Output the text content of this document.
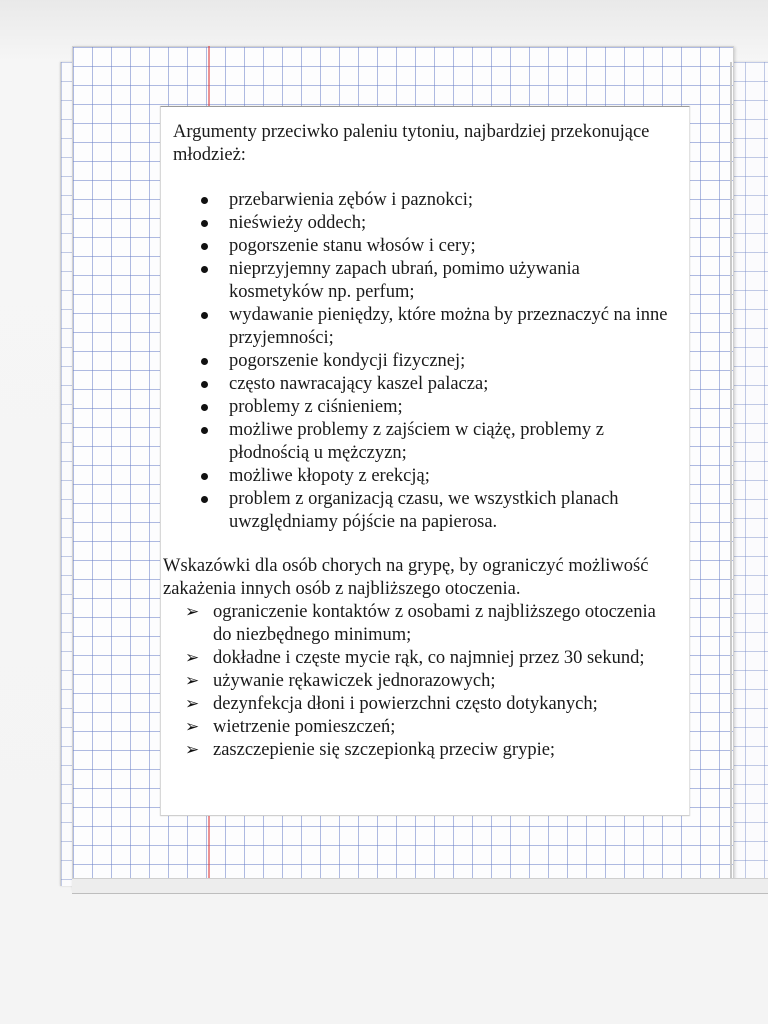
Argumenty przeciwko paleniu tytoniu, najbardziej przekonujące młodzież:

przebarwienia zębów i paznokci;
nieświeży oddech;
pogorszenie stanu włosów i cery;
nieprzyjemny zapach ubrań, pomimo używania kosmetyków np. perfum;
wydawanie pieniędzy, które można by przeznaczyć na inne przyjemności;
pogorszenie kondycji fizycznej;
często nawracający kaszel palacza;
problemy z ciśnieniem;
możliwe problemy z zajściem w ciążę, problemy z płodnością u mężczyzn;
możliwe kłopoty z erekcją;
problem z organizacją czasu, we wszystkich planach uwzględniamy pójście na papierosa.

Wskazówki dla osób chorych na grypę, by ograniczyć możliwość zakażenia innych osób z najbliższego otoczenia.

➢ ograniczenie kontaktów z osobami z najbliższego otoczenia do niezbędnego minimum;
➢ dokładne i częste mycie rąk, co najmniej przez 30 sekund;
➢ używanie rękawiczek jednorazowych;
➢ dezynfekcja dłoni i powierzchni często dotykanych;
➢ wietrzenie pomieszczeń;
➢ zaszczepienie się szczepionką przeciw grypie;
